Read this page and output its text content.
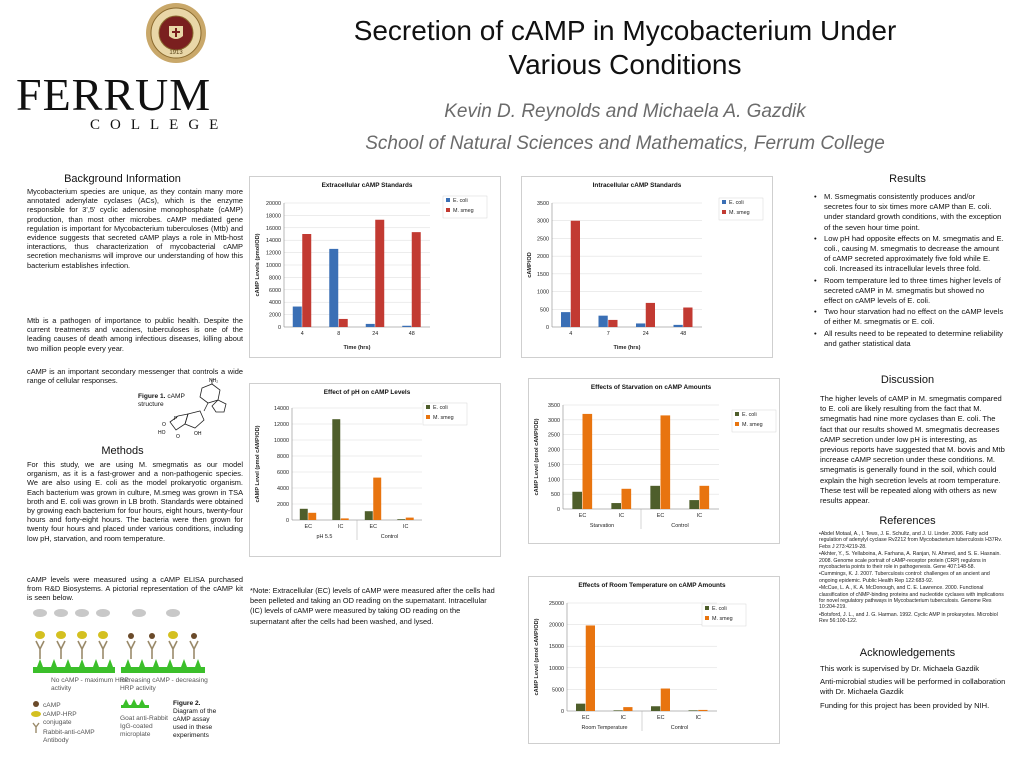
1913
FERRUM
COLLEGE
Secretion of cAMP in Mycobacterium Under
Various Conditions
Kevin D. Reynolds and Michaela A. Gazdik
School of Natural Sciences and Mathematics, Ferrum College
Background Information
Mycobacterium species are unique, as they contain many more annotated adenylate cyclases (ACs), which is the enzyme responsible for 3',5' cyclic adenosine monophosphate (cAMP) production, than most other microbes. cAMP mediated gene regulation is important for Mycobacterium tuberculoses (Mtb) and evidence suggests that secreted cAMP plays a role in Mtb-host interactions, thus characterization of mycobacterial cAMP secretion mechanisms will improve our understanding of how this bacterium establishes infection.
Mtb is a pathogen of importance to public health. Despite the current treatments and vaccines, tuberculoses is one of the leading causes of death among infectious diseases, killing about two million people every year.
cAMP is an important secondary messenger that controls a wide range of cellular responses.
Figure 1. cAMP structure
NH₂
O
HO
O	OH
P
Methods
For this study, we are using M. smegmatis as our model organism, as it is a fast-grower and a non-pathogenic species. We are also using E. coli as the model prokaryotic organism. Each bacterium was grown in culture, M.smeg was grown in TSA broth and E. coli was grown in LB broth. Standards were obtained by growing each bacterium for four hours, eight hours, twenty-four hours and forty-eight hours. The bacteria were then grown for twenty four hours and placed under various conditions, including low pH, starvation, and room temperature.
cAMP levels were measured using a cAMP ELISA purchased from R&D Biosystems. A pictorial representation of the cAMP kit is seen below.
No cAMP - maximum HRP activity
Increasing cAMP - decreasing HRP activity
cAMP
cAMP-HRP conjugate
Rabbit-anti-cAMP Antibody
Goat anti-Rabbit IgG-coated microplate
Figure 2.
Diagram of the cAMP assay used in these experiments
Extracellular cAMP Standards
0
2000
4000
6000
8000
10000
12000
14000
16000
18000
20000
4	8	24	48
Time (hrs)
cAMP Levels (pmol/OD)
E. coli
M. smeg
Intracellular cAMP Standards
0
500
1000
1500
2000
2500
3000
3500
4	7	24	48
Time (hrs)
cAMP/OD
E. coli
M. smeg
Effect of pH on cAMP Levels
0
2000
4000
6000
8000
10000
12000
14000
EC	IC	EC	IC
pH 5.5	Control
cAMP Level (pmol cAMP/OD)
E. coli
M. smeg
Effects of Starvation on cAMP Amounts
0
500
1000
1500
2000
2500
3000
3500
EC	IC	EC	IC
Starvation	Control
cAMP Level (pmol cAMP/OD)
E. coli
M. smeg
Effects of Room Temperature on cAMP Amounts
0
5000
10000
15000
20000
25000
EC	IC	EC	IC
Room Temperature	Control
cAMP Level (pmol cAMP/OD)
E. coli
M. smeg
*Note: Extracellular (EC) levels of cAMP were measured after the cells had been pelleted and taking an OD reading on the supernatant. Intracellular (IC) levels of cAMP were measured by taking OD reading on the supernatant after the cells had been washed, and lysed.
Results
• M. Ssmegmatis consistently produces and/or secretes four to six times more cAMP than E. coli. under standard growth conditions, with the exception of the seven hour time point.
• Low pH had opposite effects on M. smegmatis and E. coli., causing M. smegmatis to decrease the amount of cAMP secreted approximately five fold while E. coli. Increased its intracellular levels three fold.
• Room temperature led to three times higher levels of secreted cAMP in M. smegmatis but showed no effect on cAMP levels of E. coli.
• Two hour starvation had no effect on the cAMP levels of either M. smegmatis or E. coli.
• All results need to be repeated to determine reliability and gather statistical data
Discussion
The higher levels of cAMP in M. smegmatis compared to E. coli are likely resulting from the fact that M. smegmatis had nine more cyclases than E. coli. The fact that our results showed M. smegmatis decreases cAMP secretion under low pH is interesting, as previous reports have suggested that M. bovis and Mtb increase cAMP secretion under these conditions. M. smegmatis is generally found in the soil, which could explain the high secretion levels at room temperature. These test will be repeated along with others as new results appear.
References

•Abdel Motaal, A., I. Tews, J. E. Schultz, and J. U. Linder. 2006. Fatty acid regulation of adenylyl cyclase Rv2212 from Mycobacterium tuberculosis H37Rv. Febs J 273:4219-28.

•Akhter, Y., S. Yellaboina, A. Farhana, A. Ranjan, N. Ahmed, and S. E. Hasnain. 2008. Genome scale portrait of cAMP-receptor protein (CRP) regulons in mycobacteria points to their role in pathogenesis. Gene 407:148-58.

•Cummings, K. J. 2007. Tuberculosis control: challenges of an ancient and ongoing epidemic. Public Health Rep 122:683-92.

•McCue, L. A., K. A. McDonough, and C. E. Lawrence. 2000. Functional classification of cNMP-binding proteins and nucleotide cyclases with implications for novel regulatory pathways in Mycobacterium tuberculosis. Genome Res 10:204-219.

•Botsford, J. L., and J. G. Harman. 1992. Cyclic AMP in prokaryotes. Microbiol Rev 56:100-122.

Acknowledgements

This work is supervised by Dr. Michaela Gazdik

Anti-microbial studies will be performed in collaboration with Dr. Michaela Gazdik

Funding for this project has been provided by NIH.
